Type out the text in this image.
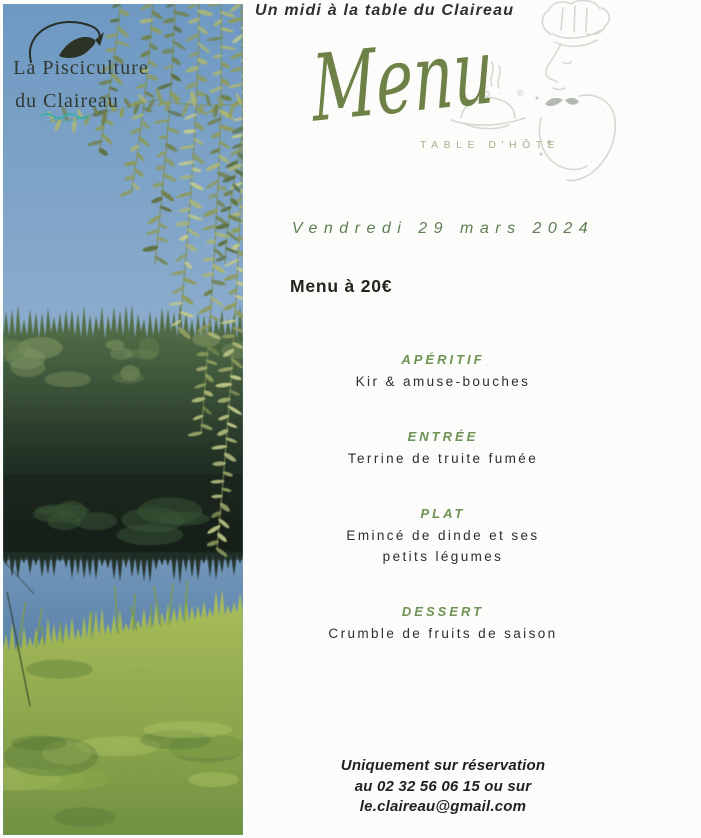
La Pisciculture
du Claireau
Un midi à la table du Claireau
®
Menu
TABLE D'HÔTE
Vendredi 29 mars 2024
Menu à 20€
APÉRITIF
Kir & amuse-bouches
ENTRÉE
Terrine de truite fumée
PLAT
Emincé de dinde et ses
petits légumes
DESSERT
Crumble de fruits de saison
Uniquement sur réservation
au 02 32 56 06 15 ou sur
le.claireau@gmail.com
